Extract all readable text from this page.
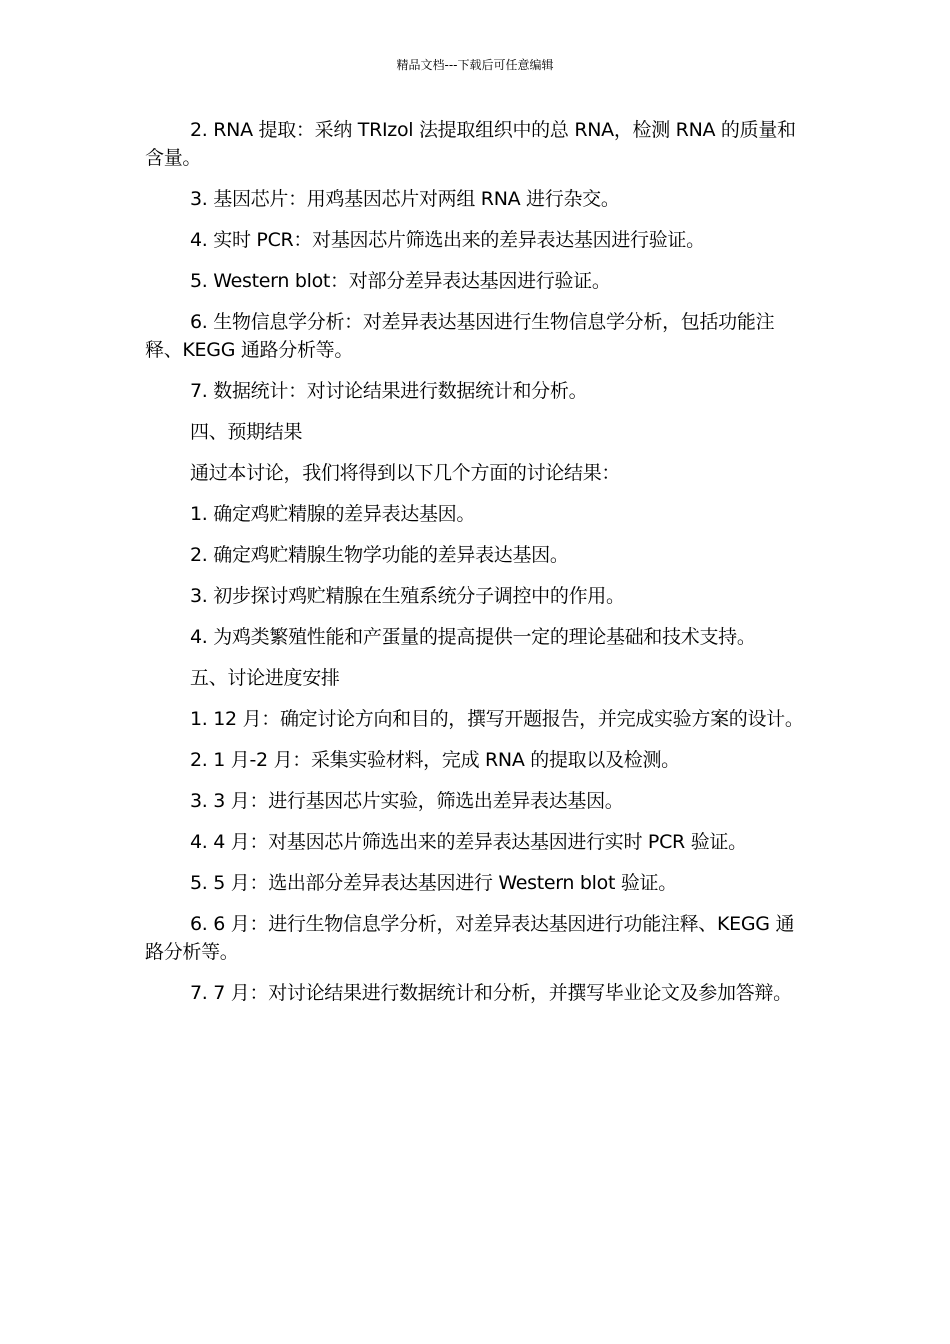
精品文档---下载后可任意编辑

2. RNA 提取：采纳 TRIzol 法提取组织中的总 RNA，检测 RNA 的质量和含量。

3. 基因芯片：用鸡基因芯片对两组 RNA 进行杂交。

4. 实时 PCR：对基因芯片筛选出来的差异表达基因进行验证。

5. Western blot：对部分差异表达基因进行验证。

6. 生物信息学分析：对差异表达基因进行生物信息学分析，包括功能注释、KEGG 通路分析等。

7. 数据统计：对讨论结果进行数据统计和分析。

四、预期结果

通过本讨论，我们将得到以下几个方面的讨论结果：

1. 确定鸡贮精腺的差异表达基因。

2. 确定鸡贮精腺生物学功能的差异表达基因。

3. 初步探讨鸡贮精腺在生殖系统分子调控中的作用。

4. 为鸡类繁殖性能和产蛋量的提高提供一定的理论基础和技术支持。

五、讨论进度安排

1. 12 月：确定讨论方向和目的，撰写开题报告，并完成实验方案的设计。

2. 1 月-2 月：采集实验材料，完成 RNA 的提取以及检测。

3. 3 月：进行基因芯片实验，筛选出差异表达基因。

4. 4 月：对基因芯片筛选出来的差异表达基因进行实时 PCR 验证。

5. 5 月：选出部分差异表达基因进行 Western blot 验证。

6. 6 月：进行生物信息学分析，对差异表达基因进行功能注释、KEGG 通路分析等。

7. 7 月：对讨论结果进行数据统计和分析，并撰写毕业论文及参加答辩。
